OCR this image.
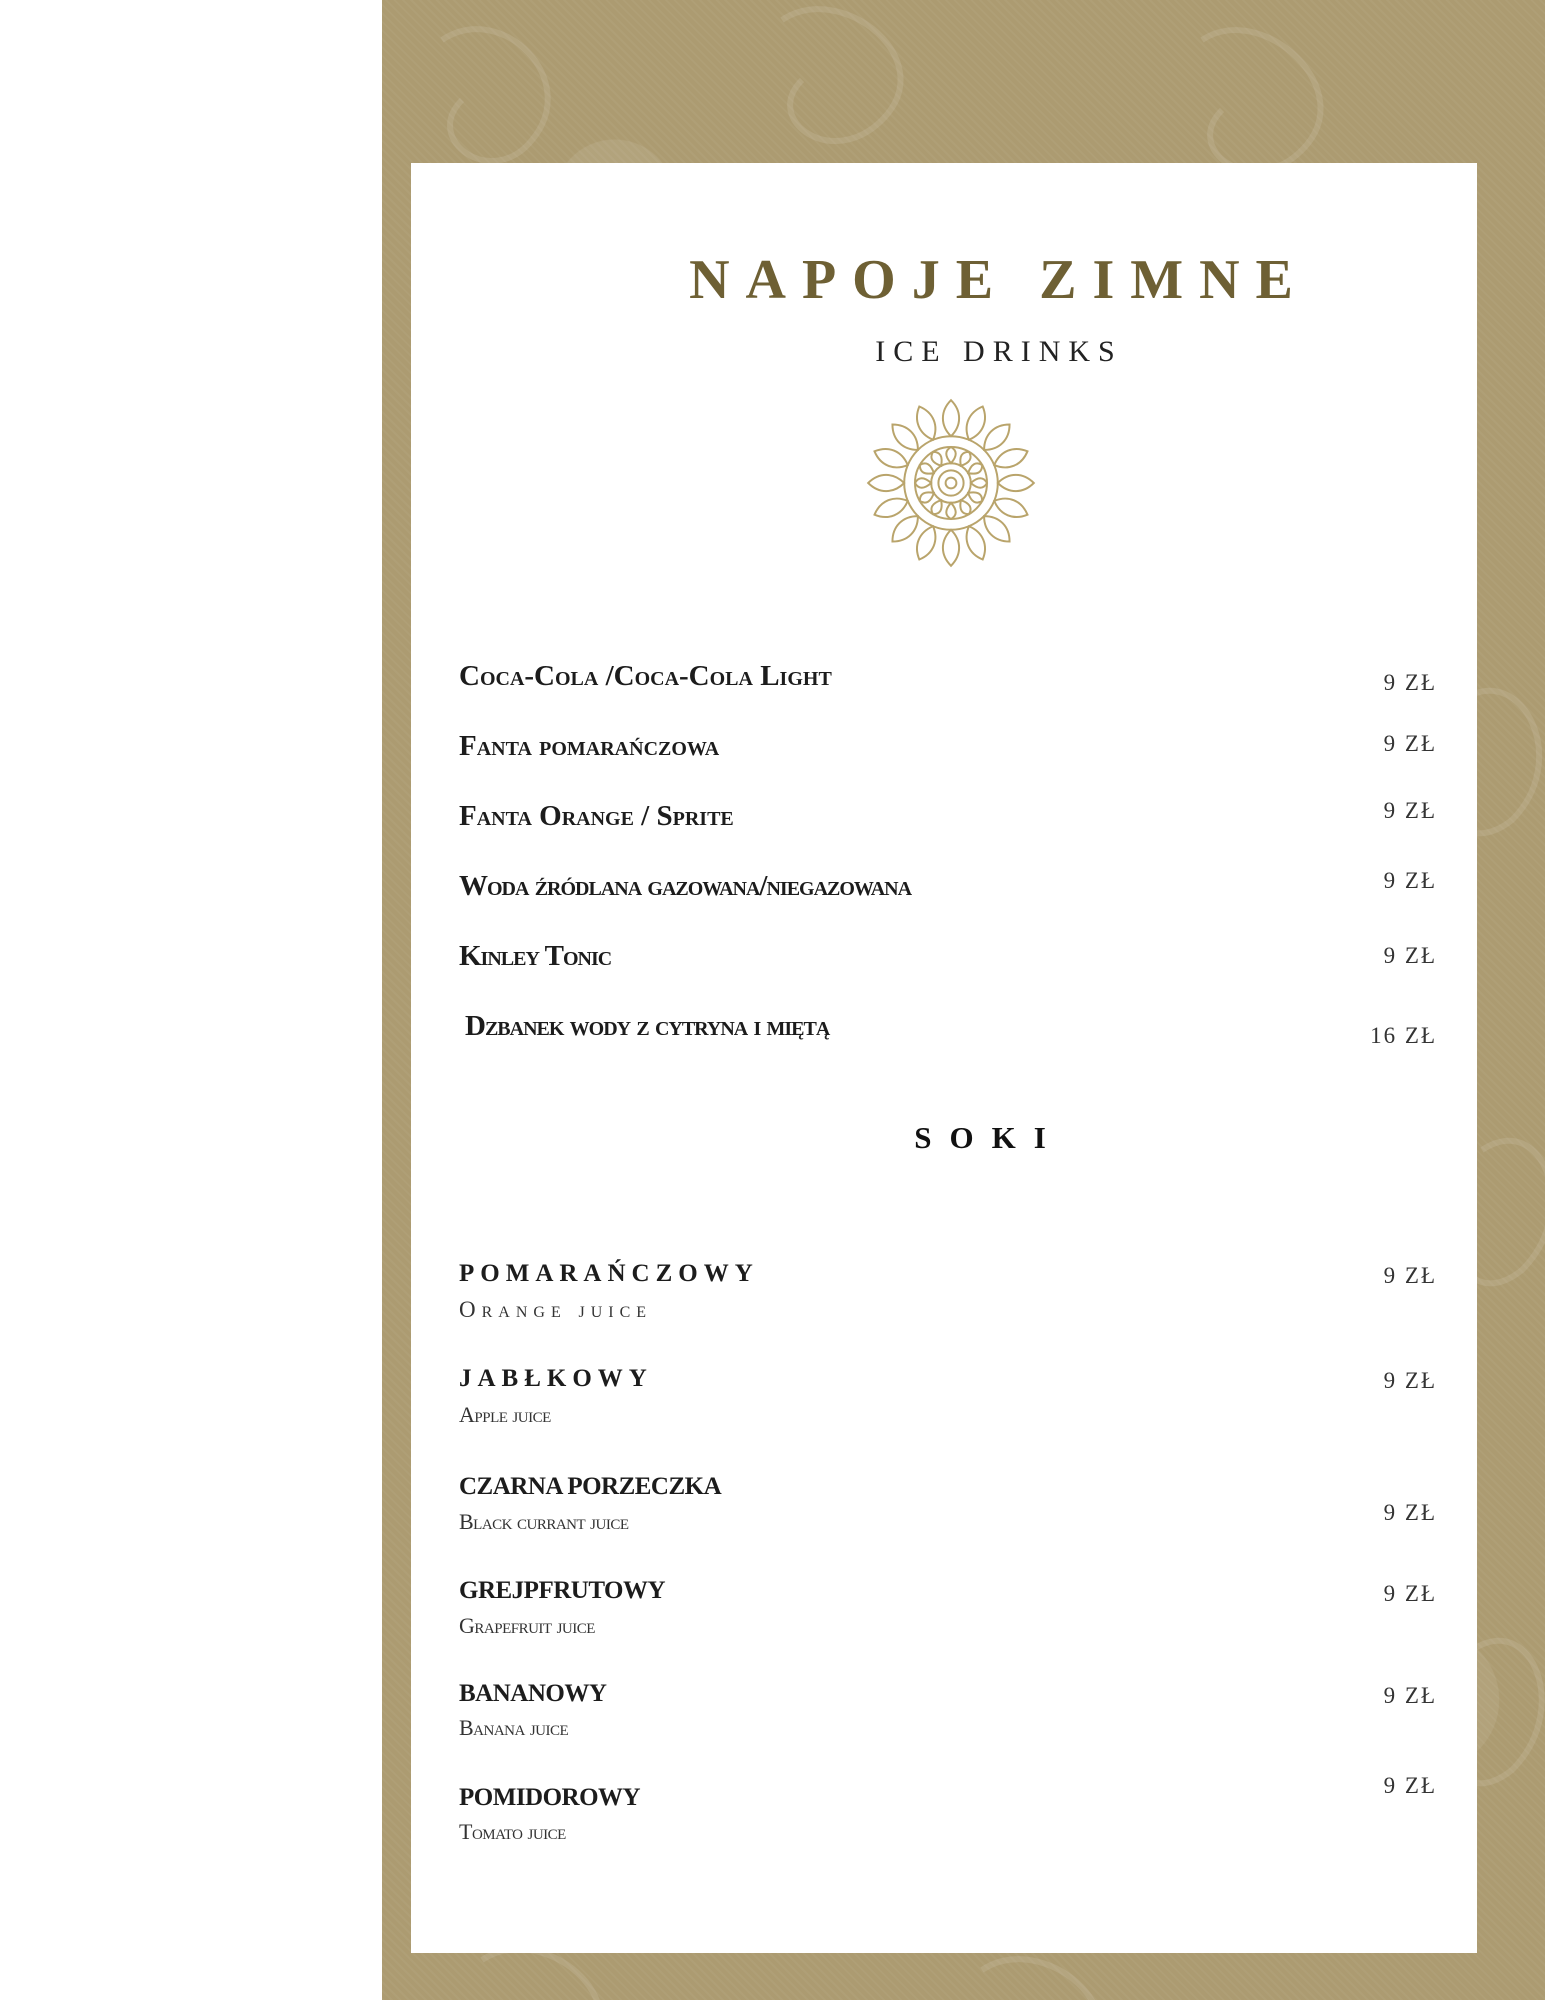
NAPOJE ZIMNE
ICE DRINKS
Coca-Cola /Coca-Cola Light	9 ZŁ
Fanta pomarańczowa	9 ZŁ
Fanta Orange / Sprite	9 ZŁ
Woda źródlana gazowana/niegazowana	9 ZŁ
Kinley Tonic	9 ZŁ
Dzbanek wody z cytryna i miętą	16 ZŁ
SOKI
POMARAŃCZOWY
Orange juice
9 ZŁ
JABŁKOWY
Apple juice
9 ZŁ
CZARNA PORZECZKA
Black currant juice	9 ZŁ
GREJPFRUTOWY
Grapefruit juice
9 ZŁ
BANANOWY
Banana juice
9 ZŁ
POMIDOROWY
Tomato juice
9 ZŁ
